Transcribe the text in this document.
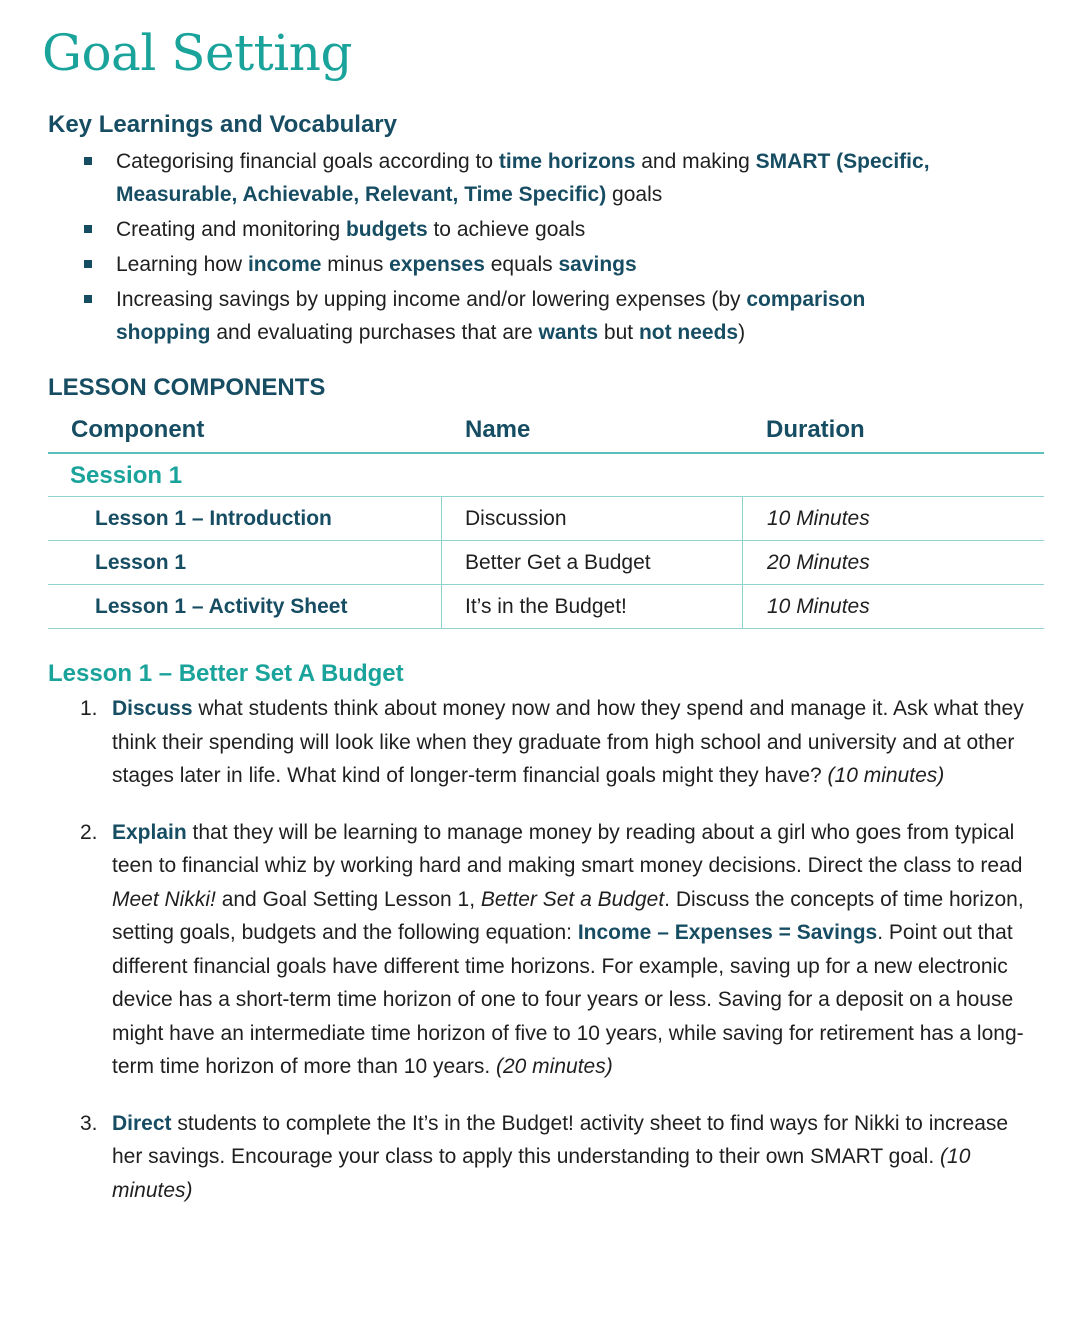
Goal Setting
Key Learnings and Vocabulary
Categorising financial goals according to time horizons and making SMART (Specific, Measurable, Achievable, Relevant, Time Specific) goals
Creating and monitoring budgets to achieve goals
Learning how income minus expenses equals savings
Increasing savings by upping income and/or lowering expenses (by comparison shopping and evaluating purchases that are wants but not needs)
LESSON COMPONENTS
Component	Name	Duration
Session 1
Lesson 1 – Introduction	Discussion	10 Minutes
Lesson 1	Better Get a Budget	20 Minutes
Lesson 1 – Activity Sheet	It’s in the Budget!	10 Minutes
Lesson 1 – Better Set A Budget
1. Discuss what students think about money now and how they spend and manage it. Ask what they think their spending will look like when they graduate from high school and university and at other stages later in life. What kind of longer-term financial goals might they have? (10 minutes)
2. Explain that they will be learning to manage money by reading about a girl who goes from typical teen to financial whiz by working hard and making smart money decisions. Direct the class to read Meet Nikki! and Goal Setting Lesson 1, Better Set a Budget. Discuss the concepts of time horizon, setting goals, budgets and the following equation: Income – Expenses = Savings. Point out that different financial goals have different time horizons. For example, saving up for a new electronic device has a short-term time horizon of one to four years or less. Saving for a deposit on a house might have an intermediate time horizon of five to 10 years, while saving for retirement has a long-term time horizon of more than 10 years. (20 minutes)
3. Direct students to complete the It’s in the Budget! activity sheet to find ways for Nikki to increase her savings. Encourage your class to apply this understanding to their own SMART goal. (10 minutes)
